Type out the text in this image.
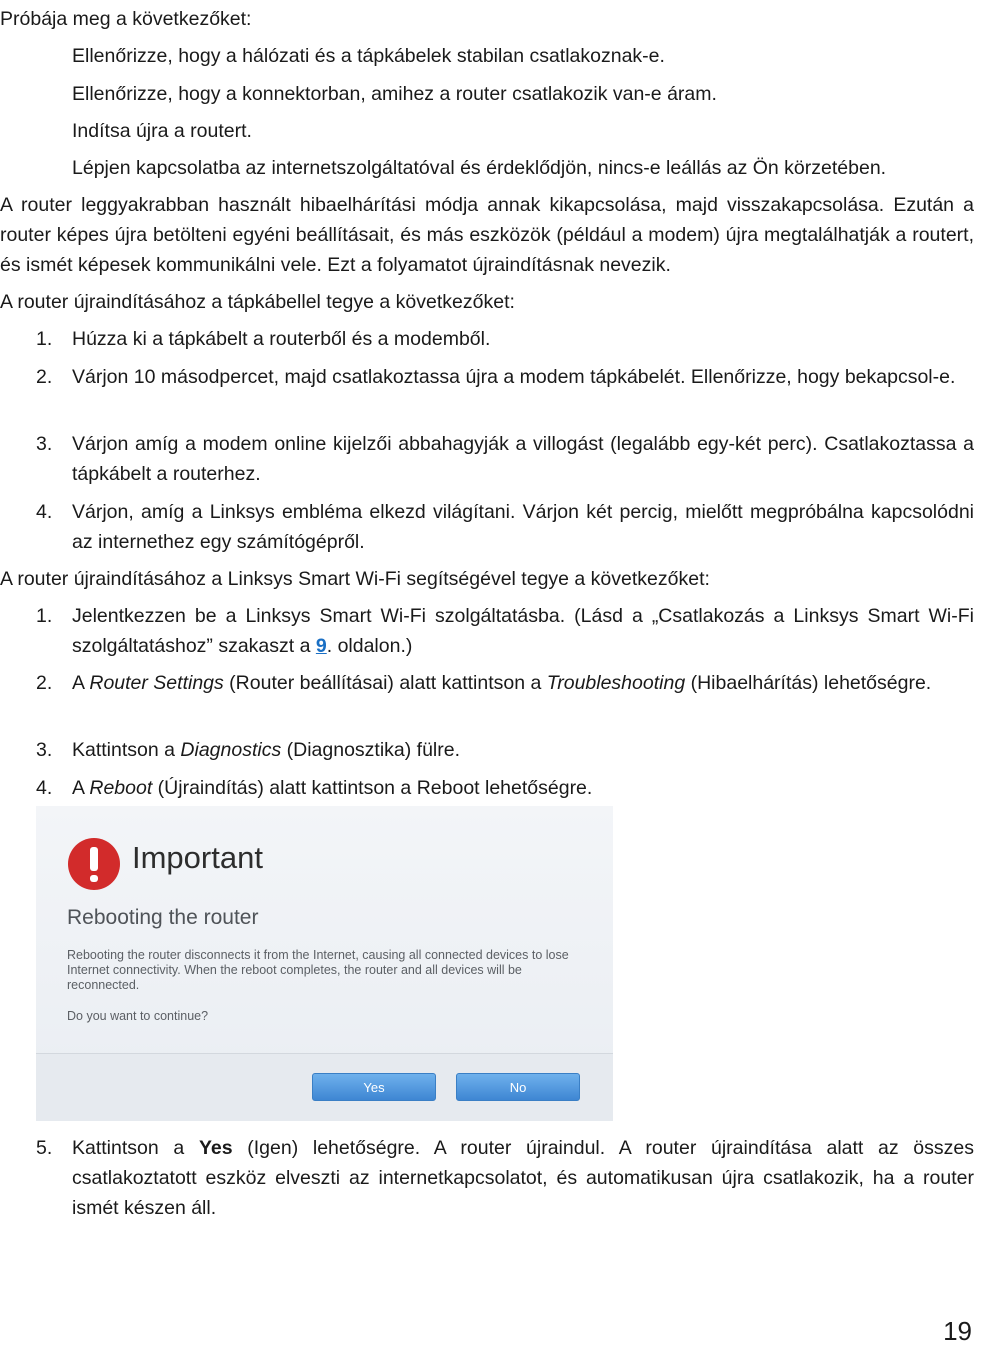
Próbája meg a következőket:

Ellenőrizze, hogy a hálózati és a tápkábelek stabilan csatlakoznak-e.

Ellenőrizze, hogy a konnektorban, amihez a router csatlakozik van-e áram.

Indítsa újra a routert.

Lépjen kapcsolatba az internetszolgáltatóval és érdeklődjön, nincs-e leállás az Ön körzetében.

A router leggyakrabban használt hibaelhárítási módja annak kikapcsolása, majd visszakapcsolása. Ezután a router képes újra betölteni egyéni beállításait, és más eszközök (például a modem) újra megtalálhatják a routert, és ismét képesek kommunikálni vele. Ezt a folyamatot újraindításnak nevezik.

A router újraindításához a tápkábellel tegye a következőket:

1.	Húzza ki a tápkábelt a routerből és a modemből.

2.	Várjon 10 másodpercet, majd csatlakoztassa újra a modem tápkábelét. Ellenőrizze, hogy bekapcsol-e.

3.	Várjon amíg a modem online kijelzői abbahagyják a villogást (legalább egy-két perc). Csatlakoztassa a tápkábelt a routerhez.

4.	Várjon, amíg a Linksys embléma elkezd világítani. Várjon két percig, mielőtt megpróbálna kapcsolódni az internethez egy számítógépről.

A router újraindításához a Linksys Smart Wi-Fi segítségével tegye a következőket:

1.	Jelentkezzen be a Linksys Smart Wi-Fi szolgáltatásba. (Lásd a „Csatlakozás a Linksys Smart Wi-Fi szolgáltatáshoz” szakaszt a 9. oldalon.)

2.	A Router Settings (Router beállításai) alatt kattintson a Troubleshooting (Hibaelhárítás) lehetőségre.

3.	Kattintson a Diagnostics (Diagnosztika) fülre.

4.	A Reboot (Újraindítás) alatt kattintson a Reboot lehetőségre.

Important
Rebooting the router
Rebooting the router disconnects it from the Internet, causing all connected devices to lose Internet connectivity. When the reboot completes, the router and all devices will be reconnected.
Do you want to continue?
Yes	No
5.	Kattintson a Yes (Igen) lehetőségre. A router újraindul. A router újraindítása alatt az összes csatlakoztatott eszköz elveszti az internetkapcsolatot, és automatikusan újra csatlakozik, ha a router ismét készen áll.

19
